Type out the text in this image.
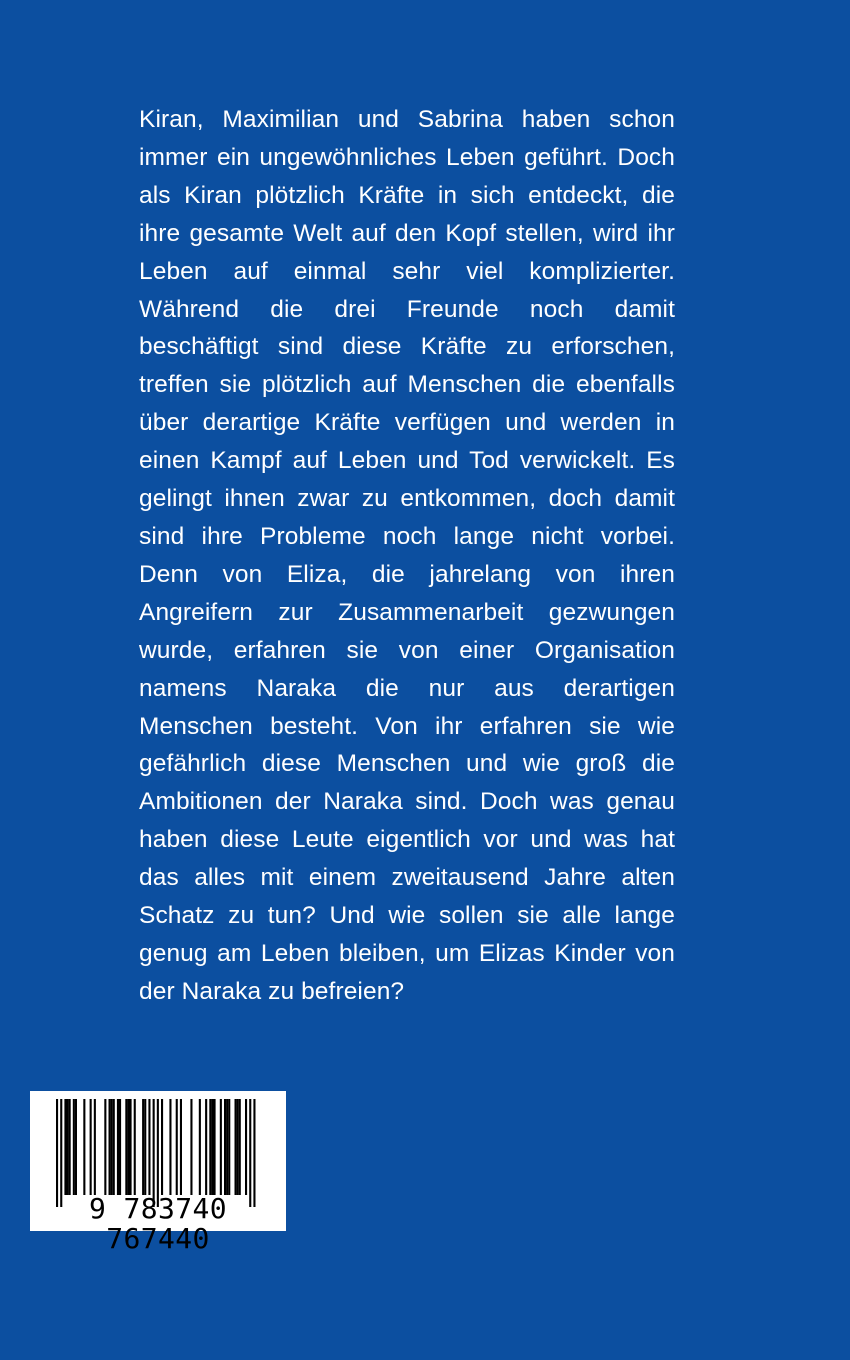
Kiran, Maximilian und Sabrina haben schon
immer ein ungewöhnliches Leben geführt. Doch
als Kiran plötzlich Kräfte in sich entdeckt, die
ihre gesamte Welt auf den Kopf stellen, wird ihr
Leben auf einmal sehr viel komplizierter.
Während die drei Freunde noch damit
beschäftigt sind diese Kräfte zu erforschen,
treffen sie plötzlich auf Menschen die ebenfalls
über derartige Kräfte verfügen und werden in
einen Kampf auf Leben und Tod verwickelt. Es
gelingt ihnen zwar zu entkommen, doch damit
sind ihre Probleme noch lange nicht vorbei.
Denn von Eliza, die jahrelang von ihren
Angreifern zur Zusammenarbeit gezwungen
wurde, erfahren sie von einer Organisation
namens Naraka die nur aus derartigen
Menschen besteht. Von ihr erfahren sie wie
gefährlich diese Menschen und wie groß die
Ambitionen der Naraka sind. Doch was genau
haben diese Leute eigentlich vor und was hat
das alles mit einem zweitausend Jahre alten
Schatz zu tun? Und wie sollen sie alle lange
genug am Leben bleiben, um Elizas Kinder von
der Naraka zu befreien?
9 783740 767440
